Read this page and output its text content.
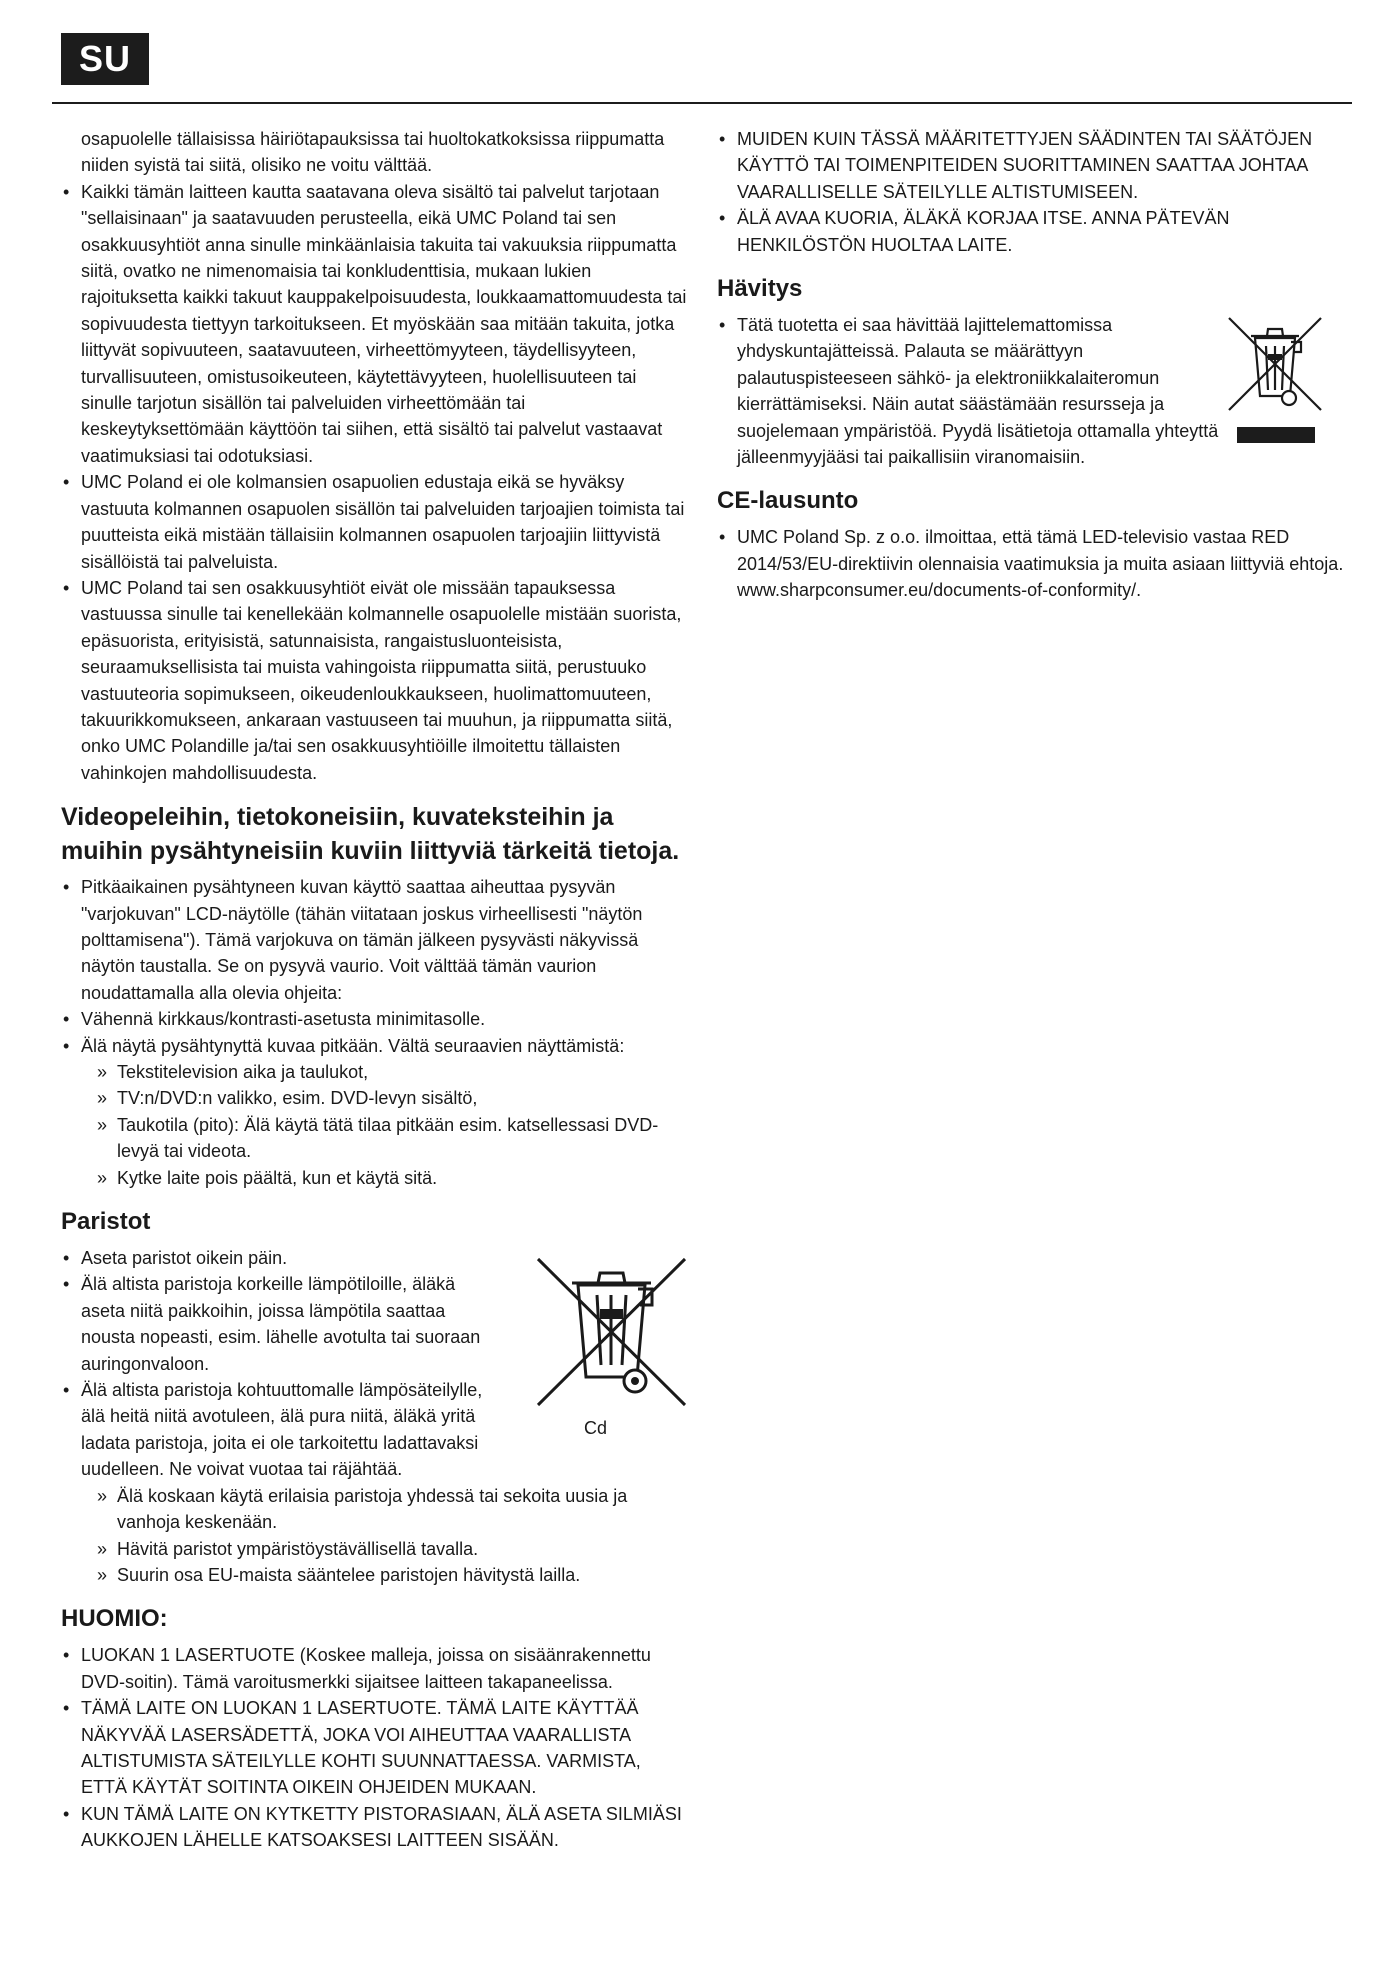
SU
osapuolelle tällaisissa häiriötapauksissa tai huoltokatkoksissa riippumatta niiden syistä tai siitä, olisiko ne voitu välttää.
• Kaikki tämän laitteen kautta saatavana oleva sisältö tai palvelut tarjotaan "sellaisinaan" ja saatavuuden perusteella, eikä UMC Poland tai sen osakkuusyhtiöt anna sinulle minkäänlaisia takuita tai vakuuksia riippumatta siitä, ovatko ne nimenomaisia tai konkludenttisia, mukaan lukien rajoituksetta kaikki takuut kauppakelpoisuudesta, loukkaamattomuudesta tai sopivuudesta tiettyyn tarkoitukseen. Et myöskään saa mitään takuita, jotka liittyvät sopivuuteen, saatavuuteen, virheettömyyteen, täydellisyyteen, turvallisuuteen, omistusoikeuteen, käytettävyyteen, huolellisuuteen tai sinulle tarjotun sisällön tai palveluiden virheettömään tai keskeytyksettömään käyttöön tai siihen, että sisältö tai palvelut vastaavat vaatimuksiasi tai odotuksiasi.
• UMC Poland ei ole kolmansien osapuolien edustaja eikä se hyväksy vastuuta kolmannen osapuolen sisällön tai palveluiden tarjoajien toimista tai puutteista eikä mistään tällaisiin kolmannen osapuolen tarjoajiin liittyvistä sisällöistä tai palveluista.
• UMC Poland tai sen osakkuusyhtiöt eivät ole missään tapauksessa vastuussa sinulle tai kenellekään kolmannelle osapuolelle mistään suorista, epäsuorista, erityisistä, satunnaisista, rangaistusluonteisista, seuraamuksellisista tai muista vahingoista riippumatta siitä, perustuuko vastuuteoria sopimukseen, oikeudenloukkaukseen, huolimattomuuteen, takuurikkomukseen, ankaraan vastuuseen tai muuhun, ja riippumatta siitä, onko UMC Polandille ja/tai sen osakkuusyhtiöille ilmoitettu tällaisten vahinkojen mahdollisuudesta.
Videopeleihin, tietokoneisiin, kuvateksteihin ja muihin pysähtyneisiin kuviin liittyviä tärkeitä tietoja.
• Pitkäaikainen pysähtyneen kuvan käyttö saattaa aiheuttaa pysyvän "varjokuvan" LCD-näytölle (tähän viitataan joskus virheellisesti "näytön polttamisena"). Tämä varjokuva on tämän jälkeen pysyvästi näkyvissä näytön taustalla. Se on pysyvä vaurio. Voit välttää tämän vaurion noudattamalla alla olevia ohjeita:
• Vähennä kirkkaus/kontrasti-asetusta minimitasolle.
• Älä näytä pysähtynyttä kuvaa pitkään. Vältä seuraavien näyttämistä:
» Tekstitelevision aika ja taulukot,
» TV:n/DVD:n valikko, esim. DVD-levyn sisältö,
» Taukotila (pito): Älä käytä tätä tilaa pitkään esim. katsellessasi DVD-levyä tai videota.
» Kytke laite pois päältä, kun et käytä sitä.
Paristot
• Aseta paristot oikein päin.
• Älä altista paristoja korkeille lämpötiloille, äläkä aseta niitä paikkoihin, joissa lämpötila saattaa nousta nopeasti, esim. lähelle avotulta tai suoraan auringonvaloon.
• Älä altista paristoja kohtuuttomalle lämpösäteilylle, älä heitä niitä avotuleen, älä pura niitä, äläkä yritä ladata paristoja, joita ei ole tarkoitettu ladattavaksi uudelleen. Ne voivat vuotaa tai räjähtää.
Cd
» Älä koskaan käytä erilaisia paristoja yhdessä tai sekoita uusia ja vanhoja keskenään.
» Hävitä paristot ympäristöystävällisellä tavalla.
» Suurin osa EU-maista sääntelee paristojen hävitystä lailla.
HUOMIO:
• LUOKAN 1 LASERTUOTE (Koskee malleja, joissa on sisäänrakennettu DVD-soitin). Tämä varoitusmerkki sijaitsee laitteen takapaneelissa.
• TÄMÄ LAITE ON LUOKAN 1 LASERTUOTE. TÄMÄ LAITE KÄYTTÄÄ NÄKYVÄÄ LASERSÄDETTÄ, JOKA VOI AIHEUTTAA VAARALLISTA ALTISTUMISTA SÄTEILYLLE KOHTI SUUNNATTAESSA. VARMISTA, ETTÄ KÄYTÄT SOITINTA OIKEIN OHJEIDEN MUKAAN.
• KUN TÄMÄ LAITE ON KYTKETTY PISTORASIAAN, ÄLÄ ASETA SILMIÄSI AUKKOJEN LÄHELLE KATSOAKSESI LAITTEEN SISÄÄN.
• MUIDEN KUIN TÄSSÄ MÄÄRITETTYJEN SÄÄDINTEN TAI SÄÄTÖJEN KÄYTTÖ TAI TOIMENPITEIDEN SUORITTAMINEN SAATTAA JOHTAA VAARALLISELLE SÄTEILYLLE ALTISTUMISEEN.
• ÄLÄ AVAA KUORIA, ÄLÄKÄ KORJAA ITSE. ANNA PÄTEVÄN HENKILÖSTÖN HUOLTAA LAITE.
Hävitys
• Tätä tuotetta ei saa hävittää lajittelemattomissa yhdyskuntajätteissä. Palauta se määrättyyn palautuspisteeseen sähkö- ja elektroniikkalaiteromun kierrättämiseksi. Näin autat säästämään resursseja ja suojelemaan ympäristöä. Pyydä lisätietoja ottamalla yhteyttä jälleenmyyjääsi tai paikallisiin viranomaisiin.
CE-lausunto
• UMC Poland Sp. z o.o. ilmoittaa, että tämä LED-televisio vastaa RED 2014/53/EU-direktiivin olennaisia vaatimuksia ja muita asiaan liittyviä ehtoja. www.sharpconsumer.eu/documents-of-conformity/.
